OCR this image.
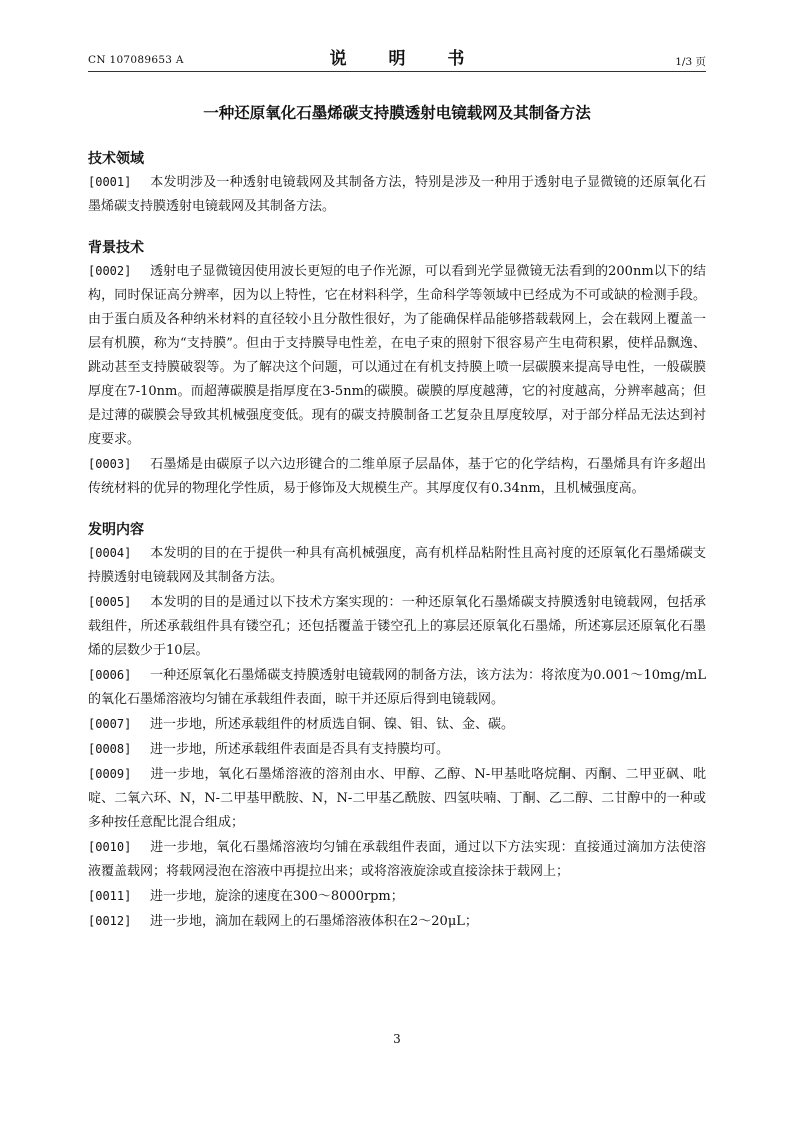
CN 107089653 A	说 明 书	1/3 页
一种还原氧化石墨烯碳支持膜透射电镜载网及其制备方法

技术领域

[0001] 本发明涉及一种透射电镜载网及其制备方法，特别是涉及一种用于透射电子显微镜的还原氧化石墨烯碳支持膜透射电镜载网及其制备方法。

背景技术

[0002] 透射电子显微镜因使用波长更短的电子作光源，可以看到光学显微镜无法看到的200nm以下的结构，同时保证高分辨率，因为以上特性，它在材料科学，生命科学等领域中已经成为不可或缺的检测手段。由于蛋白质及各种纳米材料的直径较小且分散性很好，为了能确保样品能够搭载载网上，会在载网上覆盖一层有机膜，称为“支持膜”。但由于支持膜导电性差，在电子束的照射下很容易产生电荷积累，使样品飘逸、跳动甚至支持膜破裂等。为了解决这个问题，可以通过在有机支持膜上喷一层碳膜来提高导电性，一般碳膜厚度在7-10nm。而超薄碳膜是指厚度在3-5nm的碳膜。碳膜的厚度越薄，它的衬度越高，分辨率越高；但是过薄的碳膜会导致其机械强度变低。现有的碳支持膜制备工艺复杂且厚度较厚，对于部分样品无法达到衬度要求。

[0003] 石墨烯是由碳原子以六边形键合的二维单原子层晶体，基于它的化学结构，石墨烯具有许多超出传统材料的优异的物理化学性质，易于修饰及大规模生产。其厚度仅有0.34nm，且机械强度高。

发明内容

[0004] 本发明的目的在于提供一种具有高机械强度，高有机样品粘附性且高衬度的还原氧化石墨烯碳支持膜透射电镜载网及其制备方法。

[0005] 本发明的目的是通过以下技术方案实现的：一种还原氧化石墨烯碳支持膜透射电镜载网，包括承载组件，所述承载组件具有镂空孔；还包括覆盖于镂空孔上的寡层还原氧化石墨烯，所述寡层还原氧化石墨烯的层数少于10层。

[0006] 一种还原氧化石墨烯碳支持膜透射电镜载网的制备方法，该方法为：将浓度为0.001～10mg/mL的氧化石墨烯溶液均匀铺在承载组件表面，晾干并还原后得到电镜载网。

[0007] 进一步地，所述承载组件的材质选自铜、镍、钼、钛、金、碳。

[0008] 进一步地，所述承载组件表面是否具有支持膜均可。

[0009] 进一步地，氧化石墨烯溶液的溶剂由水、甲醇、乙醇、N-甲基吡咯烷酮、丙酮、二甲亚砜、吡啶、二氧六环、N，N-二甲基甲酰胺、N，N-二甲基乙酰胺、四氢呋喃、丁酮、乙二醇、二甘醇中的一种或多种按任意配比混合组成；

[0010] 进一步地，氧化石墨烯溶液均匀铺在承载组件表面，通过以下方法实现：直接通过滴加方法使溶液覆盖载网；将载网浸泡在溶液中再提拉出来；或将溶液旋涂或直接涂抹于载网上；

[0011] 进一步地，旋涂的速度在300～8000rpm；

[0012] 进一步地，滴加在载网上的石墨烯溶液体积在2～20μL；

3
